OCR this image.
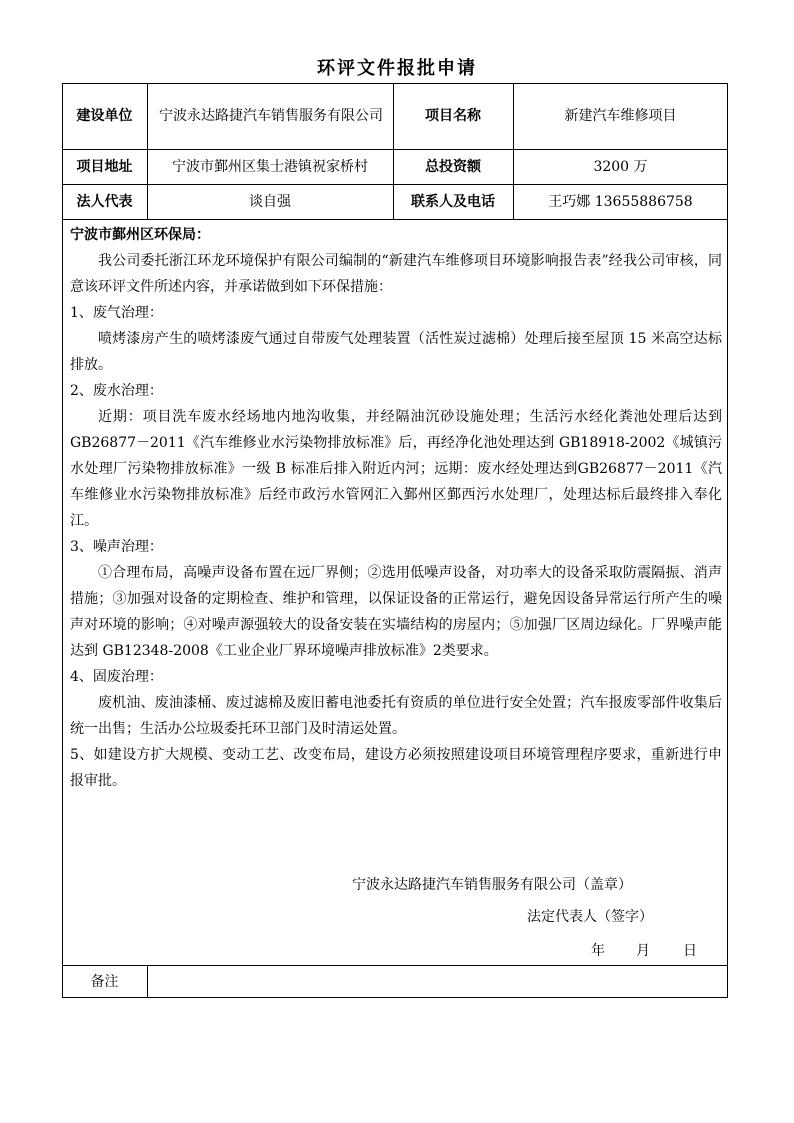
环评文件报批申请
建设单位	宁波永达路捷汽车销售服务有限公司	项目名称	新建汽车维修项目
项目地址	宁波市鄞州区集士港镇祝家桥村	总投资额	3200 万
法人代表	谈自强	联系人及电话	王巧娜 13655886758

宁波市鄞州区环保局：

我公司委托浙江环龙环境保护有限公司编制的“新建汽车维修项目环境影响报告表”经我公司审核，同意该环评文件所述内容，并承诺做到如下环保措施：

1、废气治理：

喷烤漆房产生的喷烤漆废气通过自带废气处理装置（活性炭过滤棉）处理后接至屋顶 15 米高空达标排放。

2、废水治理：

近期：项目洗车废水经场地内地沟收集，并经隔油沉砂设施处理；生活污水经化粪池处理后达到 GB26877－2011《汽车维修业水污染物排放标准》后，再经净化池处理达到 GB18918-2002《城镇污水处理厂污染物排放标准》一级 B 标准后排入附近内河；远期：废水经处理达到GB26877－2011《汽车维修业水污染物排放标准》后经市政污水管网汇入鄞州区鄞西污水处理厂，处理达标后最终排入奉化江。

3、噪声治理：

①合理布局，高噪声设备布置在远厂界侧；②选用低噪声设备，对功率大的设备采取防震隔振、消声措施；③加强对设备的定期检查、维护和管理，以保证设备的正常运行，避免因设备异常运行所产生的噪声对环境的影响；④对噪声源强较大的设备安装在实墙结构的房屋内；⑤加强厂区周边绿化。厂界噪声能达到 GB12348-2008《工业企业厂界环境噪声排放标准》2类要求。

4、固废治理：

废机油、废油漆桶、废过滤棉及废旧蓄电池委托有资质的单位进行安全处置；汽车报废零部件收集后统一出售；生活办公垃圾委托环卫部门及时清运处置。

5、如建设方扩大规模、变动工艺、改变布局，建设方必须按照建设项目环境管理程序要求，重新进行申报审批。

宁波永达路捷汽车销售服务有限公司（盖章）
法定代表人（签字）
年 月 日
备注
